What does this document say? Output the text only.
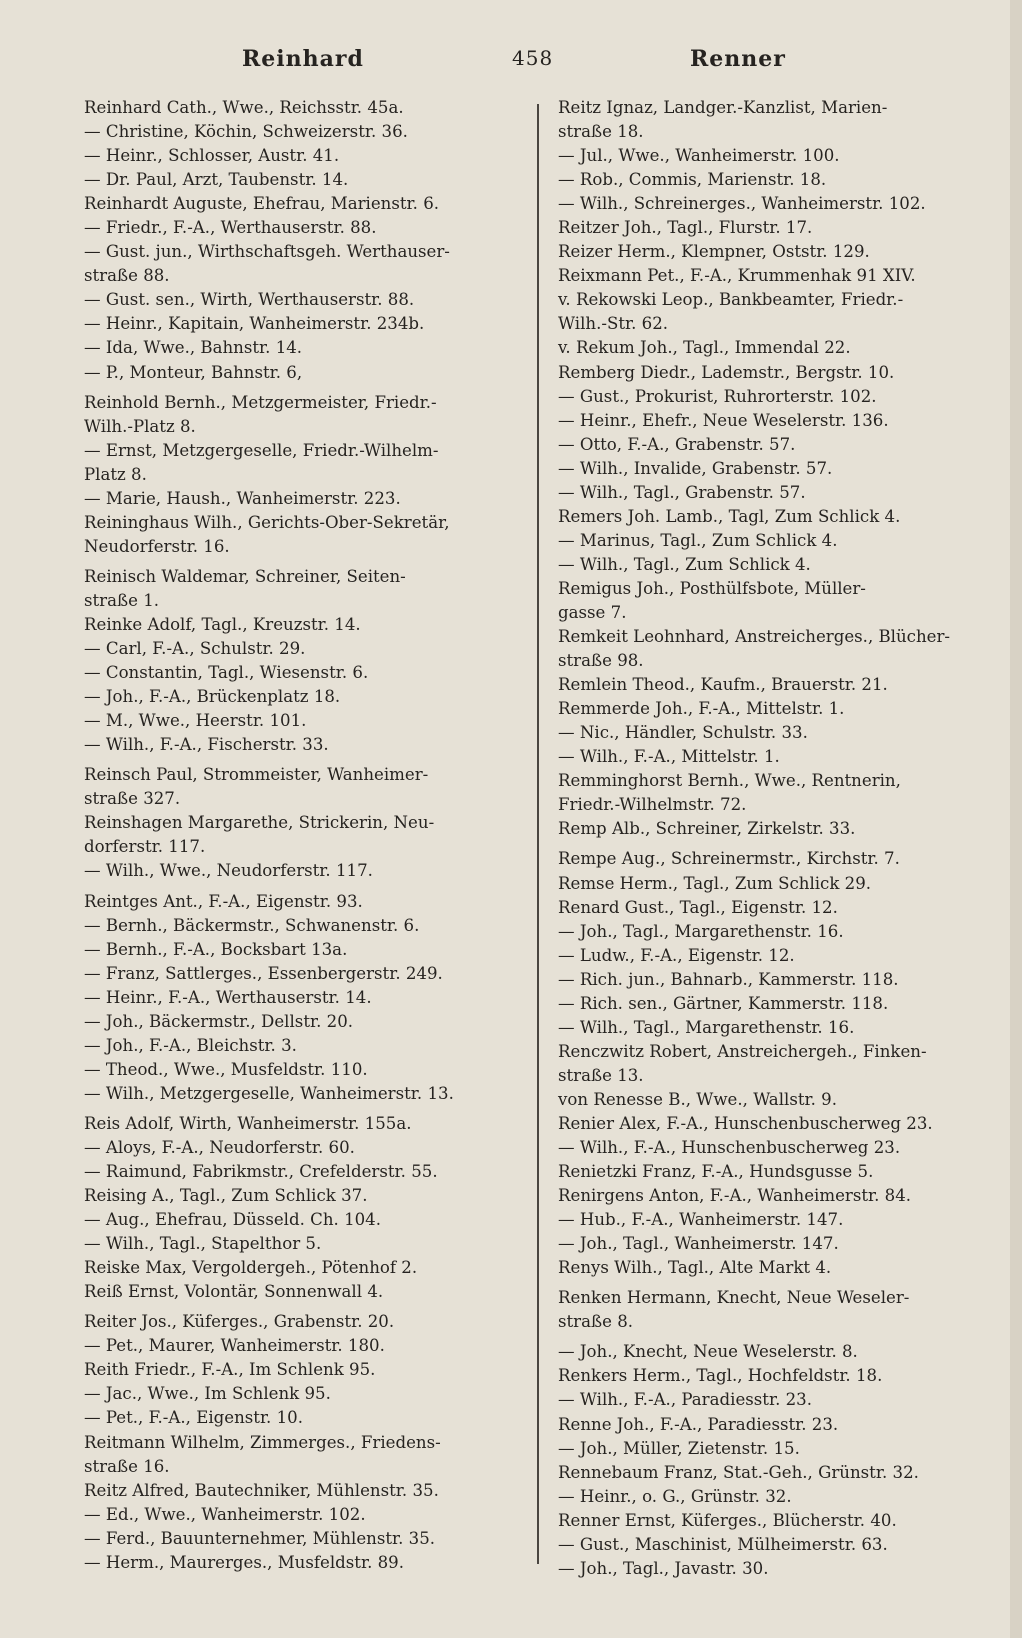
Reinhard	458	Renner
Reinhard Cath., Wwe., Reichsstr. 45a.
— Christine, Köchin, Schweizerstr. 36.
— Heinr., Schlosser, Austr. 41.
— Dr. Paul, Arzt, Taubenstr. 14.
Reinhardt Auguste, Ehefrau, Marienstr. 6.
— Friedr., F.-A., Werthauserstr. 88.
— Gust. jun., Wirthschaftsgeh. Werthauser-
straße 88.
— Gust. sen., Wirth, Werthauserstr. 88.
— Heinr., Kapitain, Wanheimerstr. 234b.
— Ida, Wwe., Bahnstr. 14.
— P., Monteur, Bahnstr. 6,
Reinhold Bernh., Metzgermeister, Friedr.-
Wilh.-Platz 8.
— Ernst, Metzgergeselle, Friedr.-Wilhelm-
Platz 8.
— Marie, Haush., Wanheimerstr. 223.
Reininghaus Wilh., Gerichts-Ober-Sekretär,
Neudorferstr. 16.
Reinisch Waldemar, Schreiner, Seiten-
straße 1.
Reinke Adolf, Tagl., Kreuzstr. 14.
— Carl, F.-A., Schulstr. 29.
— Constantin, Tagl., Wiesenstr. 6.
— Joh., F.-A., Brückenplatz 18.
— M., Wwe., Heerstr. 101.
— Wilh., F.-A., Fischerstr. 33.
Reinsch Paul, Strommeister, Wanheimer-
straße 327.
Reinshagen Margarethe, Strickerin, Neu-
dorferstr. 117.
— Wilh., Wwe., Neudorferstr. 117.
Reintges Ant., F.-A., Eigenstr. 93.
— Bernh., Bäckermstr., Schwanenstr. 6.
— Bernh., F.-A., Bocksbart 13a.
— Franz, Sattlerges., Essenbergerstr. 249.
— Heinr., F.-A., Werthauserstr. 14.
— Joh., Bäckermstr., Dellstr. 20.
— Joh., F.-A., Bleichstr. 3.
— Theod., Wwe., Musfeldstr. 110.
— Wilh., Metzgergeselle, Wanheimerstr. 13.
Reis Adolf, Wirth, Wanheimerstr. 155a.
— Aloys, F.-A., Neudorferstr. 60.
— Raimund, Fabrikmstr., Crefelderstr. 55.
Reising A., Tagl., Zum Schlick 37.
— Aug., Ehefrau, Düsseld. Ch. 104.
— Wilh., Tagl., Stapelthor 5.
Reiske Max, Vergoldergeh., Pötenhof 2.
Reiß Ernst, Volontär, Sonnenwall 4.
Reiter Jos., Küferges., Grabenstr. 20.
— Pet., Maurer, Wanheimerstr. 180.
Reith Friedr., F.-A., Im Schlenk 95.
— Jac., Wwe., Im Schlenk 95.
— Pet., F.-A., Eigenstr. 10.
Reitmann Wilhelm, Zimmerges., Friedens-
straße 16.
Reitz Alfred, Bautechniker, Mühlenstr. 35.
— Ed., Wwe., Wanheimerstr. 102.
— Ferd., Bauunternehmer, Mühlenstr. 35.
— Herm., Maurerges., Musfeldstr. 89.
Reitz Ignaz, Landger.-Kanzlist, Marien-
straße 18.
— Jul., Wwe., Wanheimerstr. 100.
— Rob., Commis, Marienstr. 18.
— Wilh., Schreinerges., Wanheimerstr. 102.
Reitzer Joh., Tagl., Flurstr. 17.
Reizer Herm., Klempner, Oststr. 129.
Reixmann Pet., F.-A., Krummenhak 91 XIV.
v. Rekowski Leop., Bankbeamter, Friedr.-
Wilh.-Str. 62.
v. Rekum Joh., Tagl., Immendal 22.
Remberg Diedr., Lademstr., Bergstr. 10.
— Gust., Prokurist, Ruhrorterstr. 102.
— Heinr., Ehefr., Neue Weselerstr. 136.
— Otto, F.-A., Grabenstr. 57.
— Wilh., Invalide, Grabenstr. 57.
— Wilh., Tagl., Grabenstr. 57.
Remers Joh. Lamb., Tagl, Zum Schlick 4.
— Marinus, Tagl., Zum Schlick 4.
— Wilh., Tagl., Zum Schlick 4.
Remigus Joh., Posthülfsbote, Müller-
gasse 7.
Remkeit Leohnhard, Anstreicherges., Blücher-
straße 98.
Remlein Theod., Kaufm., Brauerstr. 21.
Remmerde Joh., F.-A., Mittelstr. 1.
— Nic., Händler, Schulstr. 33.
— Wilh., F.-A., Mittelstr. 1.
Remminghorst Bernh., Wwe., Rentnerin,
Friedr.-Wilhelmstr. 72.
Remp Alb., Schreiner, Zirkelstr. 33.
Rempe Aug., Schreinermstr., Kirchstr. 7.
Remse Herm., Tagl., Zum Schlick 29.
Renard Gust., Tagl., Eigenstr. 12.
— Joh., Tagl., Margarethenstr. 16.
— Ludw., F.-A., Eigenstr. 12.
— Rich. jun., Bahnarb., Kammerstr. 118.
— Rich. sen., Gärtner, Kammerstr. 118.
— Wilh., Tagl., Margarethenstr. 16.
Renczwitz Robert, Anstreichergeh., Finken-
straße 13.
von Renesse B., Wwe., Wallstr. 9.
Renier Alex, F.-A., Hunschenbuscherweg 23.
— Wilh., F.-A., Hunschenbuscherweg 23.
Renietzki Franz, F.-A., Hundsgusse 5.
Renirgens Anton, F.-A., Wanheimerstr. 84.
— Hub., F.-A., Wanheimerstr. 147.
— Joh., Tagl., Wanheimerstr. 147.
Renys Wilh., Tagl., Alte Markt 4.
Renken Hermann, Knecht, Neue Weseler-
straße 8.
— Joh., Knecht, Neue Weselerstr. 8.
Renkers Herm., Tagl., Hochfeldstr. 18.
— Wilh., F.-A., Paradiesstr. 23.
Renne Joh., F.-A., Paradiesstr. 23.
— Joh., Müller, Zietenstr. 15.
Rennebaum Franz, Stat.-Geh., Grünstr. 32.
— Heinr., o. G., Grünstr. 32.
Renner Ernst, Küferges., Blücherstr. 40.
— Gust., Maschinist, Mülheimerstr. 63.
— Joh., Tagl., Javastr. 30.
